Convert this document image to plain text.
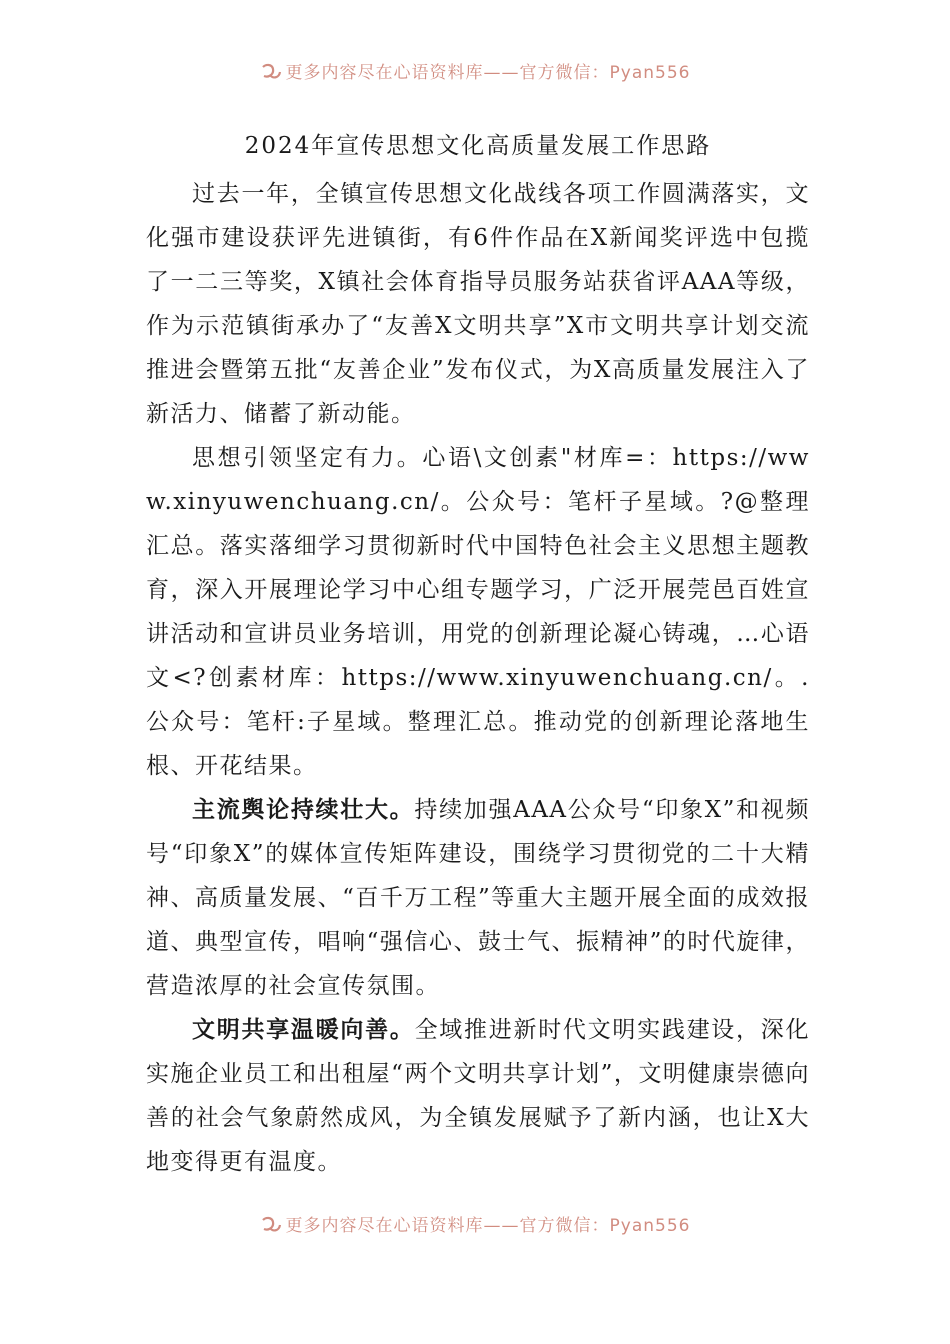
更多内容尽在心语资料库——官方微信：Pyan556
2024年宣传思想文化高质量发展工作思路

过去一年，全镇宣传思想文化战线各项工作圆满落实，文化强市建设获评先进镇街，有6件作品在X新闻奖评选中包揽了一二三等奖，X镇社会体育指导员服务站获省评AAA等级，作为示范镇街承办了“友善X文明共享”X市文明共享计划交流推进会暨第五批“友善企业”发布仪式，为X高质量发展注入了新活力、储蓄了新动能。

思想引领坚定有力。心语\文创素"材库=：https://www.xinyuwenchuang.cn/。公众号：笔杆子星域。?@整理汇总。落实落细学习贯彻新时代中国特色社会主义思想主题教育，深入开展理论学习中心组专题学习，广泛开展莞邑百姓宣讲活动和宣讲员业务培训，用党的创新理论凝心铸魂，…心语文<?创素材库：https://www.xinyuwenchuang.cn/。.公众号：笔杆:子星域。整理汇总。推动党的创新理论落地生根、开花结果。

主流舆论持续壮大。持续加强AAA公众号“印象X”和视频号“印象X”的媒体宣传矩阵建设，围绕学习贯彻党的二十大精神、高质量发展、“百千万工程”等重大主题开展全面的成效报道、典型宣传，唱响“强信心、鼓士气、振精神”的时代旋律，营造浓厚的社会宣传氛围。

文明共享温暖向善。全域推进新时代文明实践建设，深化实施企业员工和出租屋“两个文明共享计划”，文明健康崇德向善的社会气象蔚然成风，为全镇发展赋予了新内涵，也让X大地变得更有温度。

更多内容尽在心语资料库——官方微信：Pyan556
